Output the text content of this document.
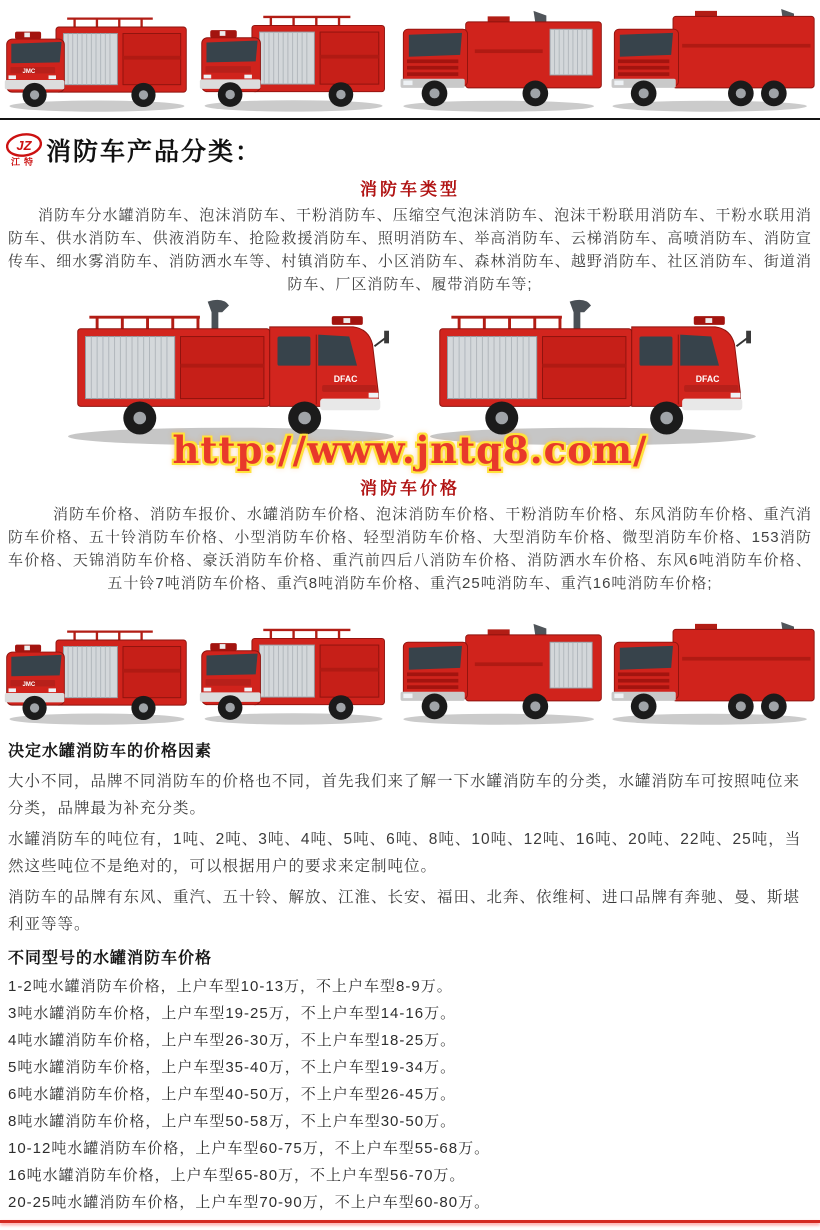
JMC
JZ
江特 消防车产品分类：
消防车类型

消防车分水罐消防车、泡沫消防车、干粉消防车、压缩空气泡沫消防车、泡沫干粉联用消防车、干粉水联用消防车、供水消防车、供液消防车、抢险救援消防车、照明消防车、举高消防车、云梯消防车、高喷消防车、消防宣传车、细水雾消防车、消防洒水车等、村镇消防车、小区消防车、森林消防车、越野消防车、社区消防车、街道消防车、厂区消防车、履带消防车等;

DFAC	DFAC
http://www.jntq8.com/
消防车价格

消防车价格、消防车报价、水罐消防车价格、泡沫消防车价格、干粉消防车价格、东风消防车价格、重汽消防车价格、五十铃消防车价格、小型消防车价格、轻型消防车价格、大型消防车价格、微型消防车价格、153消防车价格、天锦消防车价格、豪沃消防车价格、重汽前四后八消防车价格、消防洒水车价格、东风6吨消防车价格、五十铃7吨消防车价格、重汽8吨消防车价格、重汽25吨消防车、重汽16吨消防车价格;

JMC
决定水罐消防车的价格因素

大小不同，品牌不同消防车的价格也不同，首先我们来了解一下水罐消防车的分类，水罐消防车可按照吨位来分类，品牌最为补充分类。

水罐消防车的吨位有，1吨、2吨、3吨、4吨、5吨、6吨、8吨、10吨、12吨、16吨、20吨、22吨、25吨，当然这些吨位不是绝对的，可以根据用户的要求来定制吨位。

消防车的品牌有东风、重汽、五十铃、解放、江淮、长安、福田、北奔、依维柯、进口品牌有奔驰、曼、斯堪利亚等等。

不同型号的水罐消防车价格

1-2吨水罐消防车价格，上户车型10-13万，不上户车型8-9万。

3吨水罐消防车价格，上户车型19-25万，不上户车型14-16万。

4吨水罐消防车价格，上户车型26-30万，不上户车型18-25万。

5吨水罐消防车价格，上户车型35-40万，不上户车型19-34万。

6吨水罐消防车价格，上户车型40-50万，不上户车型26-45万。

8吨水罐消防车价格，上户车型50-58万，不上户车型30-50万。

10-12吨水罐消防车价格，上户车型60-75万，不上户车型55-68万。

16吨水罐消防车价格，上户车型65-80万，不上户车型56-70万。

20-25吨水罐消防车价格，上户车型70-90万，不上户车型60-80万。
